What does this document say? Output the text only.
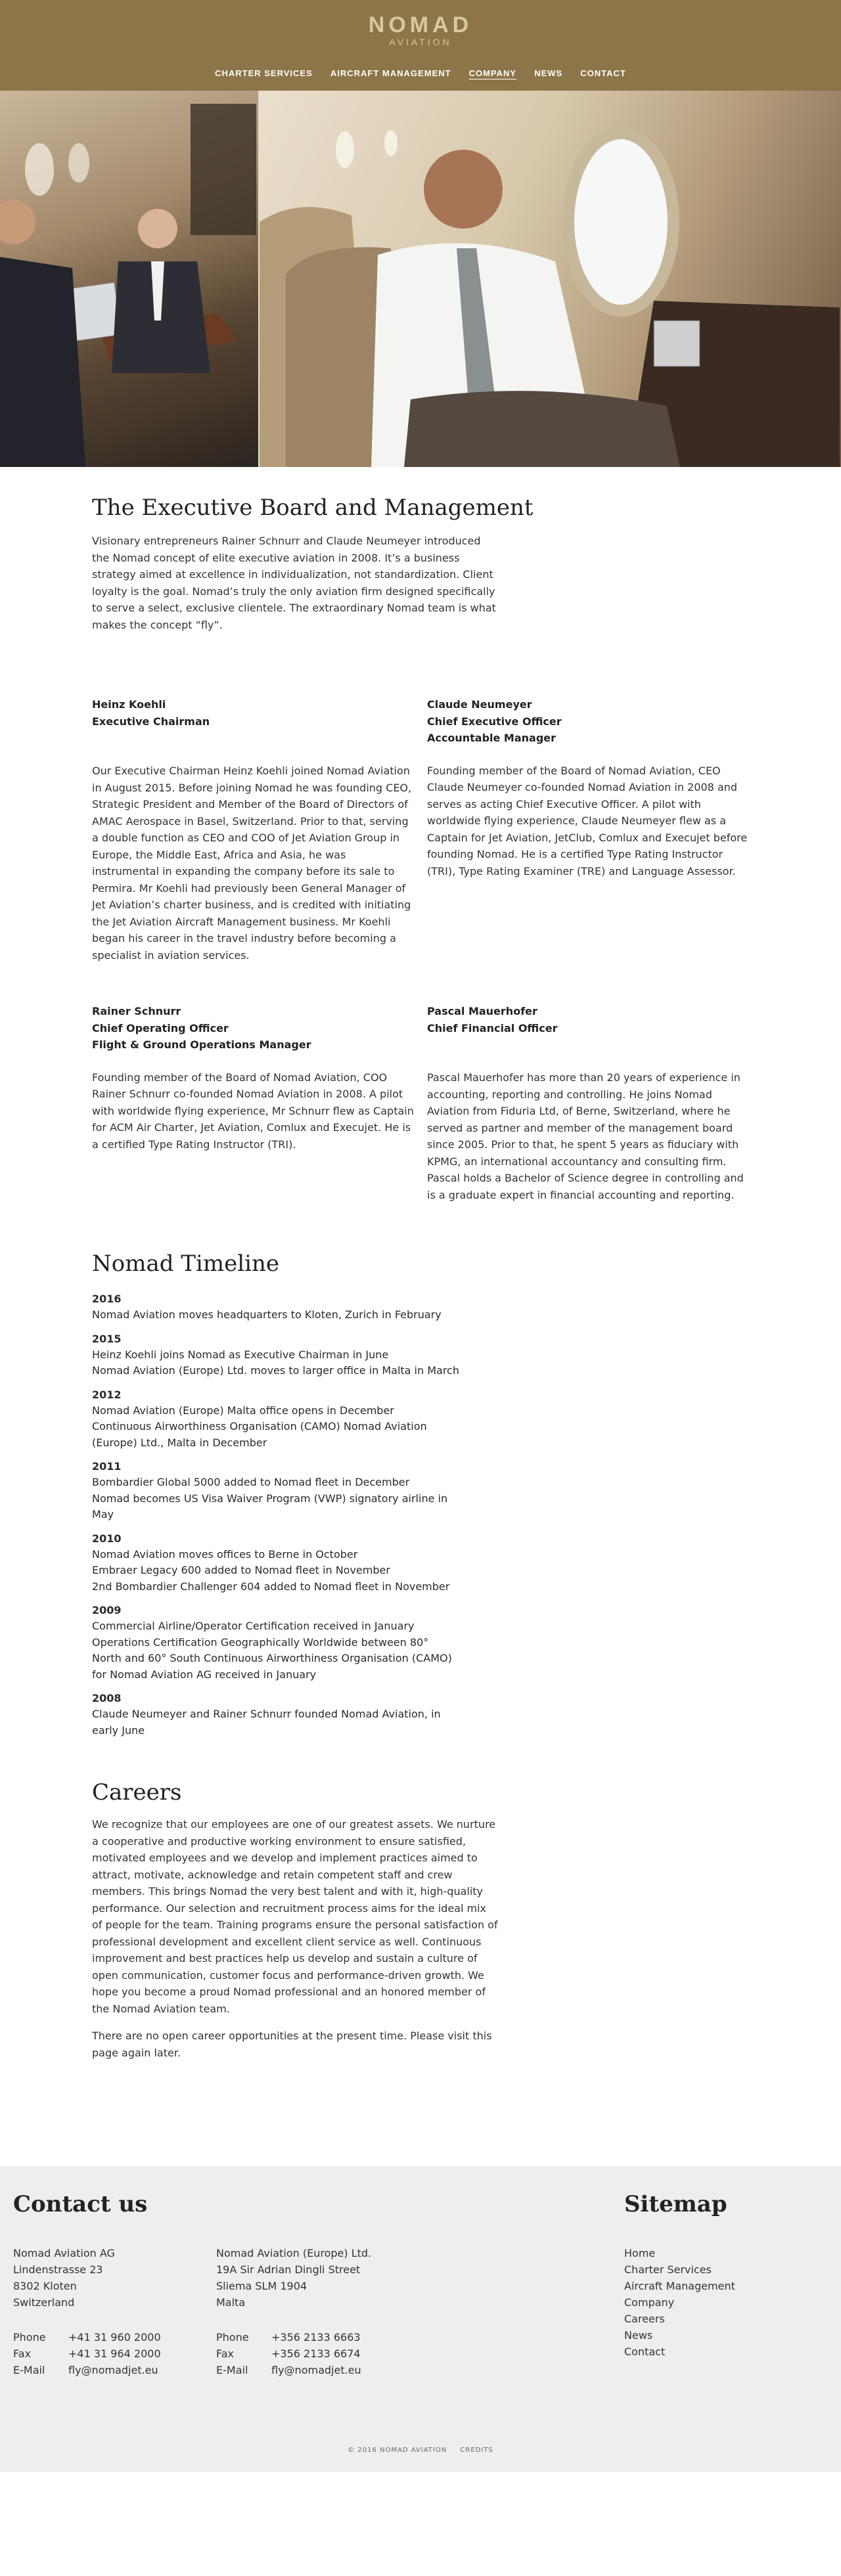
NOMAD
AVIATION
CHARTER SERVICES AIRCRAFT MANAGEMENT COMPANY NEWS CONTACT
The Executive Board and Management

Visionary entrepreneurs Rainer Schnurr and Claude Neumeyer introduced the Nomad concept of elite executive aviation in 2008. It’s a business strategy aimed at excellence in individualization, not standardization. Client loyalty is the goal. Nomad’s truly the only aviation firm designed specifically to serve a select, exclusive clientele. The extraordinary Nomad team is what makes the concept “fly”.

Heinz Koehli
Executive Chairman

Our Executive Chairman Heinz Koehli joined Nomad Aviation in August 2015. Before joining Nomad he was founding CEO, Strategic President and Member of the Board of Directors of AMAC Aerospace in Basel, Switzerland. Prior to that, serving a double function as CEO and COO of Jet Aviation Group in Europe, the Middle East, Africa and Asia, he was instrumental in expanding the company before its sale to Permira. Mr Koehli had previously been General Manager of Jet Aviation’s charter business, and is credited with initiating the Jet Aviation Aircraft Management business. Mr Koehli began his career in the travel industry before becoming a specialist in aviation services.

Claude Neumeyer
Chief Executive Officer
Accountable Manager

Founding member of the Board of Nomad Aviation, CEO Claude Neumeyer co-founded Nomad Aviation in 2008 and serves as acting Chief Executive Officer. A pilot with worldwide flying experience, Claude Neumeyer flew as a Captain for Jet Aviation, JetClub, Comlux and Execujet before founding Nomad. He is a certified Type Rating Instructor (TRI), Type Rating Examiner (TRE) and Language Assessor.

Rainer Schnurr
Chief Operating Officer
Flight & Ground Operations Manager

Founding member of the Board of Nomad Aviation, COO Rainer Schnurr co-founded Nomad Aviation in 2008. A pilot with worldwide flying experience, Mr Schnurr flew as Captain for ACM Air Charter, Jet Aviation, Comlux and Execujet. He is a certified Type Rating Instructor (TRI).

Pascal Mauerhofer
Chief Financial Officer

Pascal Mauerhofer has more than 20 years of experience in accounting, reporting and controlling. He joins Nomad Aviation from Fiduria Ltd, of Berne, Switzerland, where he served as partner and member of the management board since 2005. Prior to that, he spent 5 years as fiduciary with KPMG, an international accountancy and consulting firm. Pascal holds a Bachelor of Science degree in controlling and is a graduate expert in financial accounting and reporting.

Nomad Timeline
2016
Nomad Aviation moves headquarters to Kloten, Zurich in February
2015
Heinz Koehli joins Nomad as Executive Chairman in June
Nomad Aviation (Europe) Ltd. moves to larger office in Malta in March
2012
Nomad Aviation (Europe) Malta office opens in December
Continuous Airworthiness Organisation (CAMO) Nomad Aviation (Europe) Ltd., Malta in December
2011
Bombardier Global 5000 added to Nomad fleet in December
Nomad becomes US Visa Waiver Program (VWP) signatory airline in May
2010
Nomad Aviation moves offices to Berne in October
Embraer Legacy 600 added to Nomad fleet in November
2nd Bombardier Challenger 604 added to Nomad fleet in November
2009
Commercial Airline/Operator Certification received in January
Operations Certification Geographically Worldwide between 80° North and 60° South Continuous Airworthiness Organisation (CAMO) for Nomad Aviation AG received in January
2008
Claude Neumeyer and Rainer Schnurr founded Nomad Aviation, in early June
Careers

We recognize that our employees are one of our greatest assets. We nurture a cooperative and productive working environment to ensure satisfied, motivated employees and we develop and implement practices aimed to attract, motivate, acknowledge and retain competent staff and crew members. This brings Nomad the very best talent and with it, high-quality performance. Our selection and recruitment process aims for the ideal mix of people for the team. Training programs ensure the personal satisfaction of professional development and excellent client service as well. Continuous improvement and best practices help us develop and sustain a culture of open communication, customer focus and performance-driven growth. We hope you become a proud Nomad professional and an honored member of the Nomad Aviation team.

There are no open career opportunities at the present time. Please visit this page again later.

Contact us
Nomad Aviation AG
Lindenstrasse 23
8302 Kloten
Switzerland
Phone	+41 31 960 2000
Fax	+41 31 964 2000
E-Mail	fly@nomadjet.eu
Nomad Aviation (Europe) Ltd.
19A Sir Adrian Dingli Street
Sliema SLM 1904
Malta
Phone	+356 2133 6663
Fax	+356 2133 6674
E-Mail	fly@nomadjet.eu
Sitemap
Home
Charter Services
Aircraft Management
Company
Careers
News
Contact
© 2016 NOMAD AVIATION CREDITS
